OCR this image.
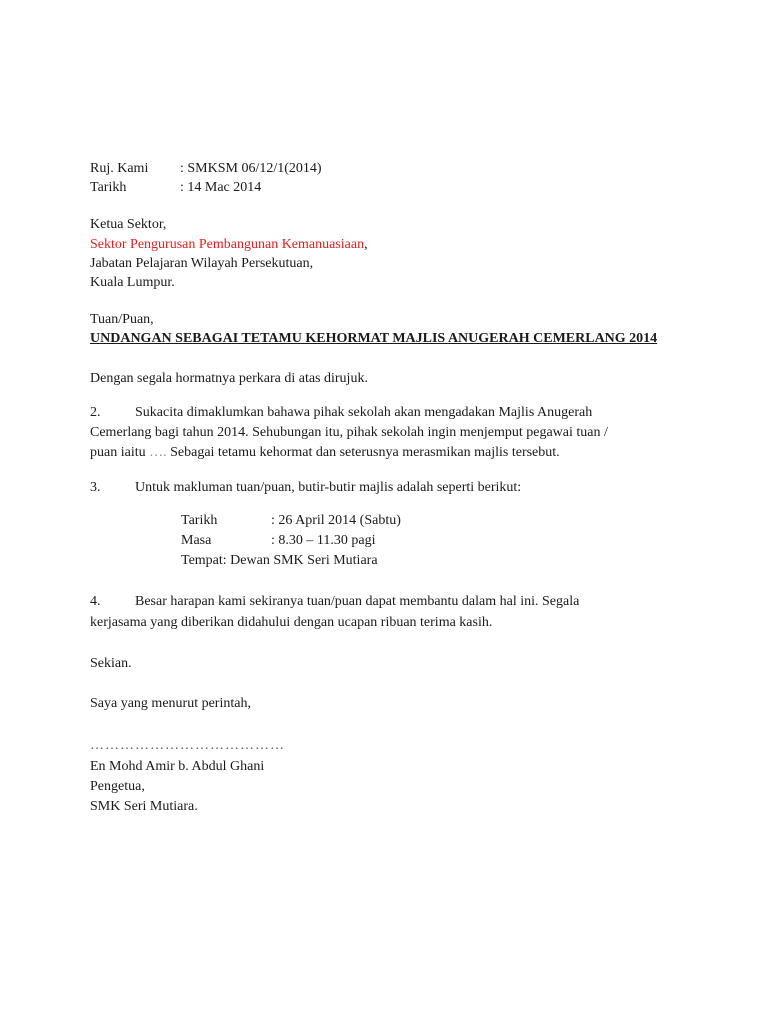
Ruj. Kami : SMKSM 06/12/1(2014)
Tarikh	: 14 Mac 2014
Ketua Sektor,
Sektor Pengurusan Pembangunan Kemanuasiaan,
Jabatan Pelajaran Wilayah Persekutuan,
Kuala Lumpur.
Tuan/Puan,
UNDANGAN SEBAGAI TETAMU KEHORMAT MAJLIS ANUGERAH CEMERLANG 2014
Dengan segala hormatnya perkara di atas dirujuk.
2. Sukacita dimaklumkan bahawa pihak sekolah akan mengadakan Majlis Anugerah
Cemerlang bagi tahun 2014. Sehubungan itu, pihak sekolah ingin menjemput pegawai tuan /
puan iaitu …. Sebagai tetamu kehormat dan seterusnya merasmikan majlis tersebut.
3. Untuk makluman tuan/puan, butir-butir majlis adalah seperti berikut:
Tarikh	: 26 April 2014 (Sabtu)
Masa	: 8.30 – 11.30 pagi
Tempat: Dewan SMK Seri Mutiara
4. Besar harapan kami sekiranya tuan/puan dapat membantu dalam hal ini. Segala
kerjasama yang diberikan didahului dengan ucapan ribuan terima kasih.
Sekian.
Saya yang menurut perintah,
…………………………………
En Mohd Amir b. Abdul Ghani
Pengetua,
SMK Seri Mutiara.
